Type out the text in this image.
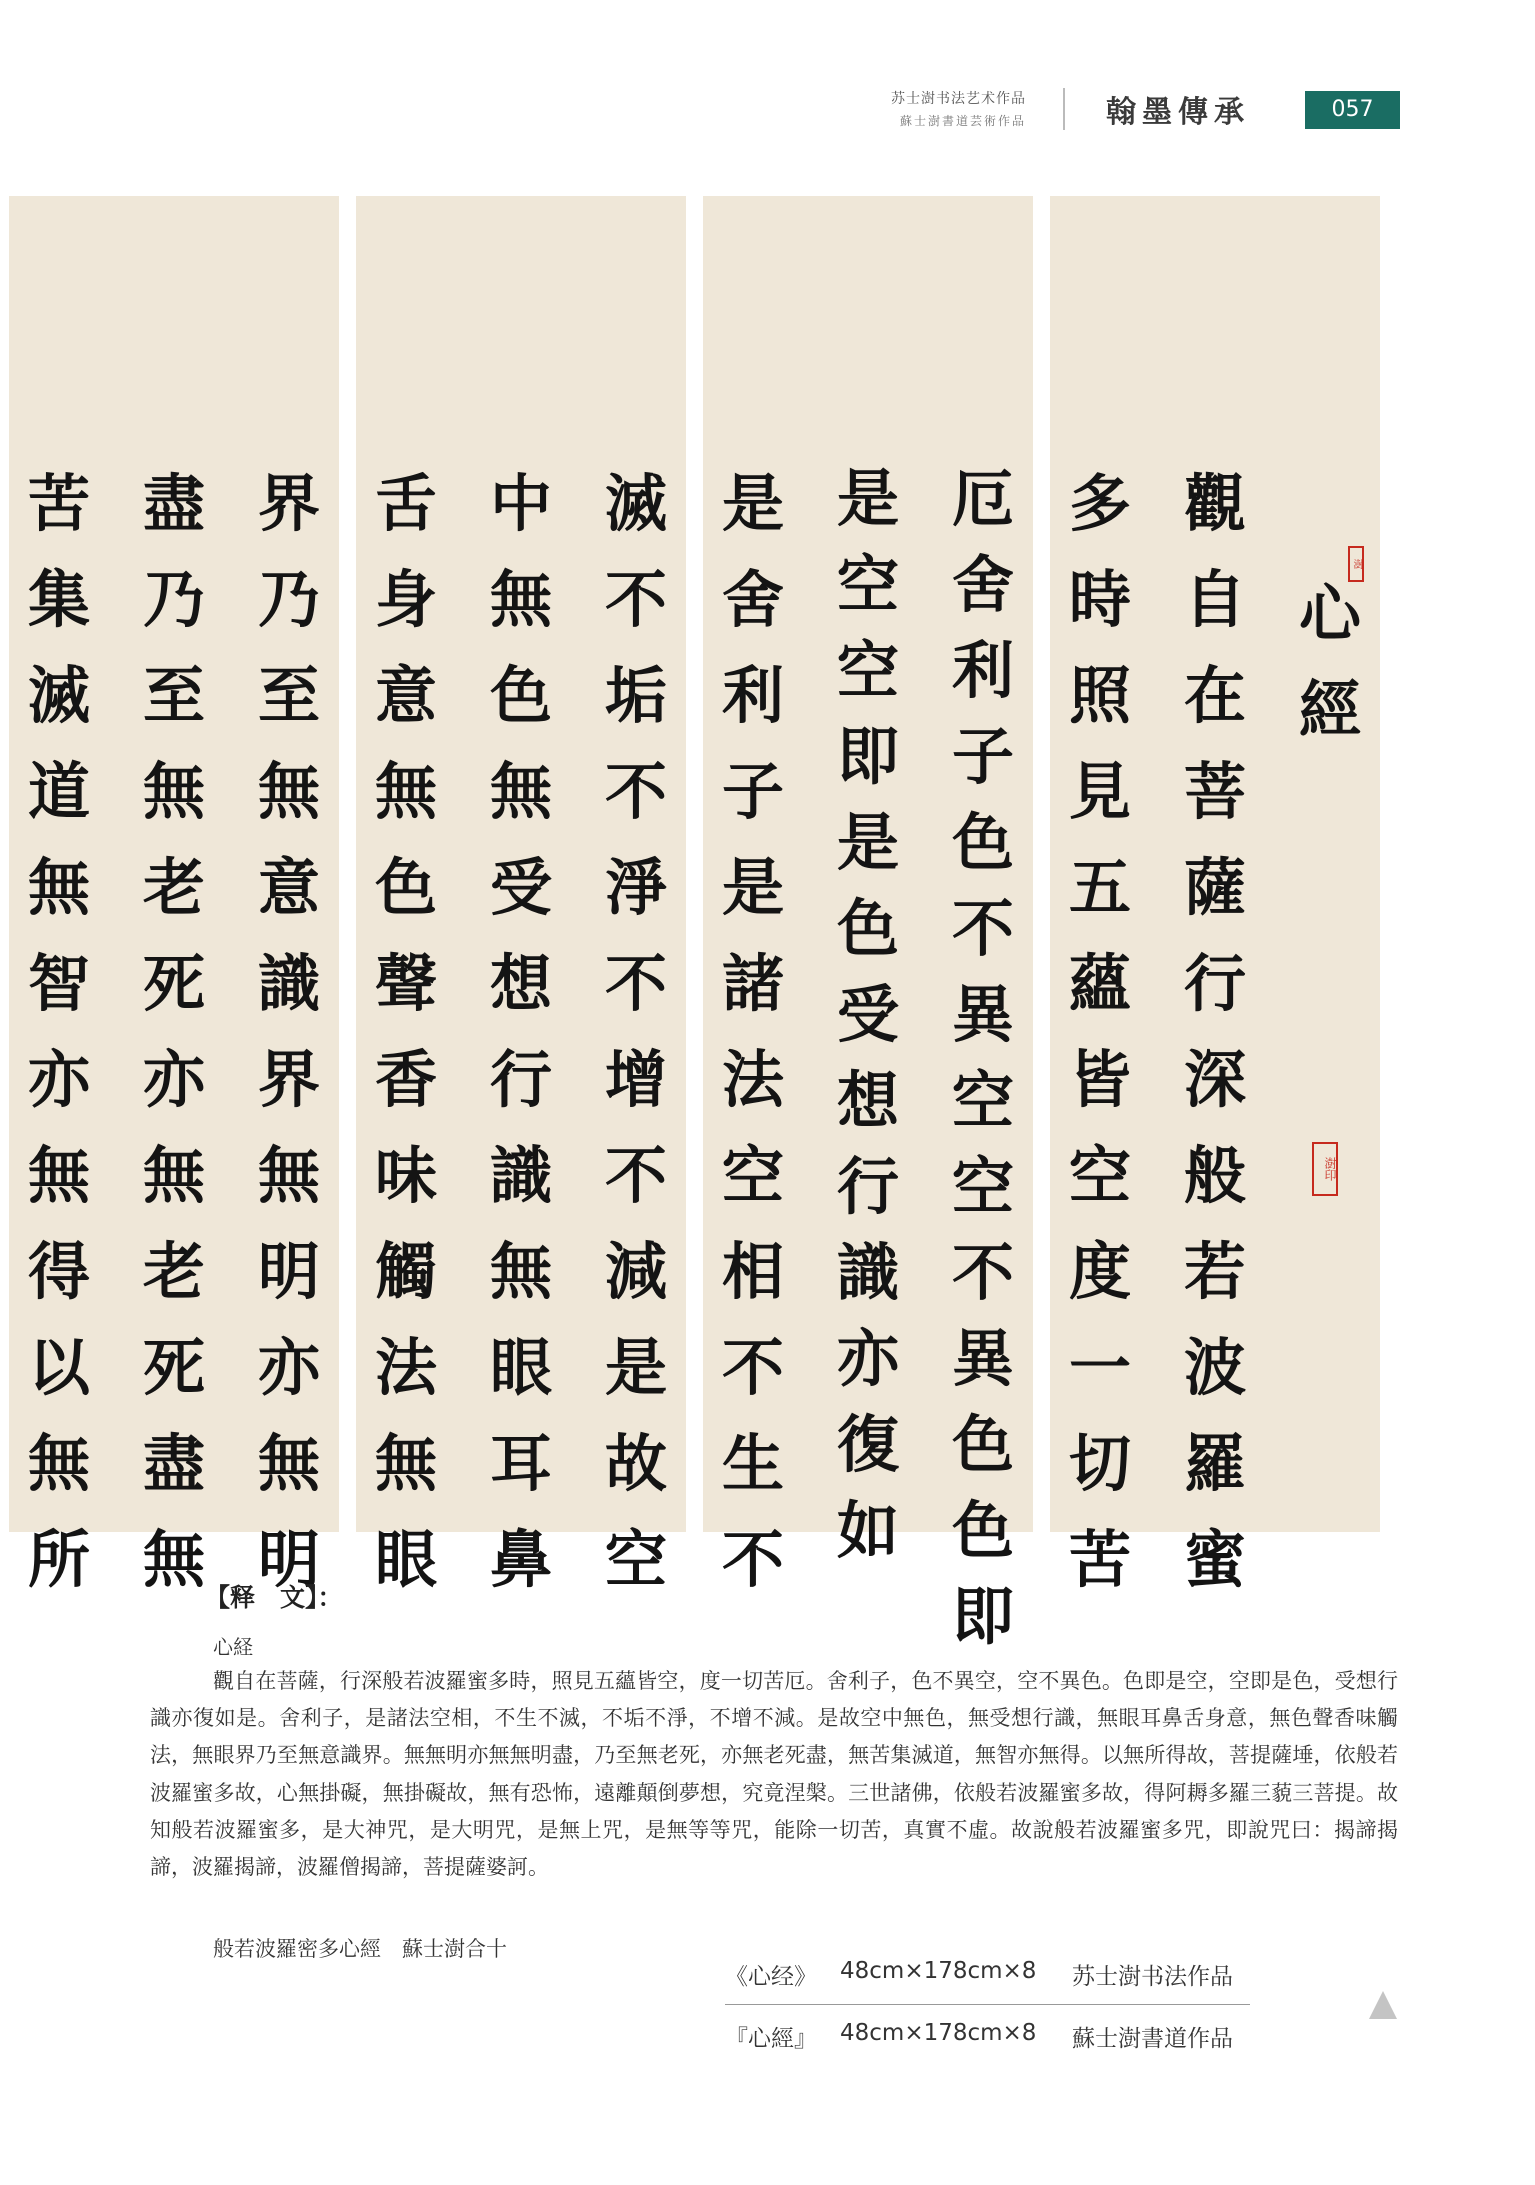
苏士澍书法艺术作品
蘇士澍書道芸術作品	翰墨傳承	057
苦
集
滅
道
無
智
亦
無
得
以
無
所
盡
乃
至
無
老
死
亦
無
老
死
盡
無
界
乃
至
無
意
識
界
無
明
亦
無
明
舌
身
意
無
色
聲
香
味
觸
法
無
眼
中
無
色
無
受
想
行
識
無
眼
耳
鼻
滅
不
垢
不
淨
不
增
不
減
是
故
空
是
舍
利
子
是
諸
法
空
相
不
生
不
是
空
空
即
是
色
受
想
行
識
亦
復
如
厄
舍
利
子
色
不
異
空
空
不
異
色
色
即
多
時
照
見
五
蘊
皆
空
度
一
切
苦
觀
自
在
菩
薩
行
深
般
若
波
羅
蜜
心
經
澍
澍印
【释　文】：
心経
觀自在菩薩，行深般若波羅蜜多時，照見五蘊皆空，度一切苦厄。舍利子，色不異空，空不異色。色即是空，空即是色，受想行識亦復如是。舍利子，是諸法空相，不生不滅，不垢不淨，不增不減。是故空中無色，無受想行識，無眼耳鼻舌身意，無色聲香味觸法，無眼界乃至無意識界。無無明亦無無明盡，乃至無老死，亦無老死盡，無苦集滅道，無智亦無得。以無所得故，菩提薩埵，依般若波羅蜜多故，心無掛礙，無掛礙故，無有恐怖，遠離顛倒夢想，究竟涅槃。三世諸佛，依般若波羅蜜多故，得阿耨多羅三藐三菩提。故知般若波羅蜜多，是大神咒，是大明咒，是無上咒，是無等等咒，能除一切苦，真實不虛。故說般若波羅蜜多咒，即說咒曰：揭諦揭諦，波羅揭諦，波羅僧揭諦，菩提薩婆訶。
般若波羅密多心經　蘇士澍合十
《心经》	48cm×178cm×8	苏士澍书法作品
『心經』	48cm×178cm×8	蘇士澍書道作品
